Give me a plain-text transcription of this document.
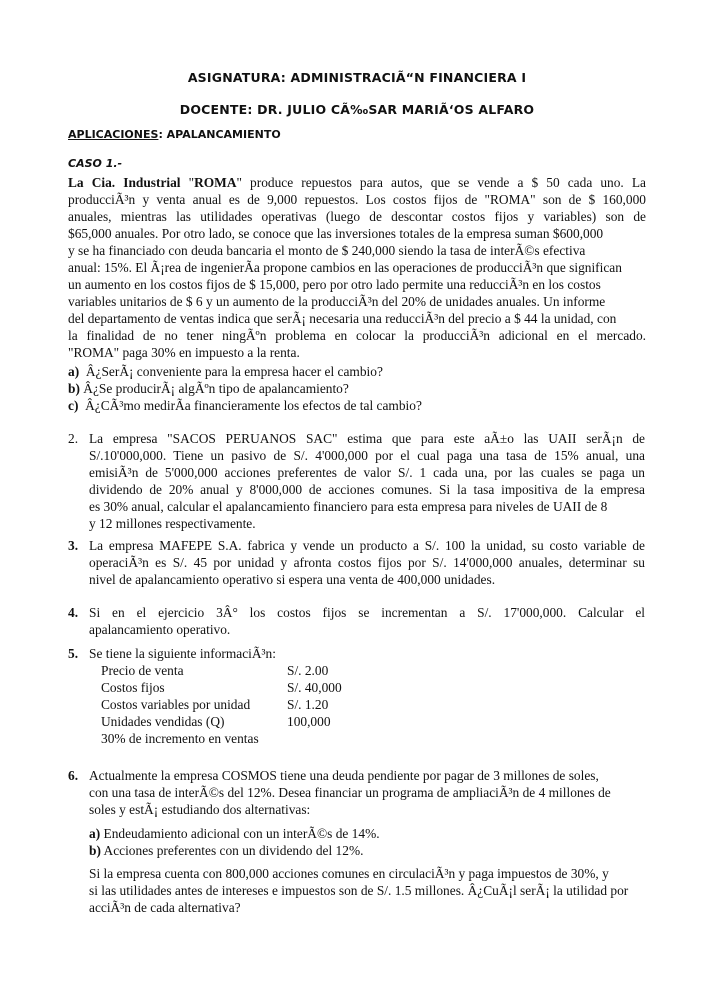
ASIGNATURA: ADMINISTRACIÃ“N FINANCIERA I
DOCENTE: DR. JULIO CÃ‰SAR MARIÃ‘OS ALFARO
APLICACIONES: APALANCAMIENTO
CASO 1.-
La Cia. Industrial "ROMA" produce repuestos para autos, que se vende a $ 50 cada uno. La
producciÃ³n y venta anual es de 9,000 repuestos. Los costos fijos de "ROMA" son de $ 160,000
anuales, mientras las utilidades operativas (luego de descontar costos fijos y variables) son de
$65,000 anuales. Por otro lado, se conoce que las inversiones totales de la empresa suman $600,000
y se ha financiado con deuda bancaria el monto de $ 240,000 siendo la tasa de interÃ©s efectiva
anual: 15%. El Ã¡rea de ingenierÃa propone cambios en las operaciones de producciÃ³n que significan
un aumento en los costos fijos de $ 15,000, pero por otro lado permite una reducciÃ³n en los costos
variables unitarios de $ 6 y un aumento de la producciÃ³n del 20% de unidades anuales. Un informe
del departamento de ventas indica que serÃ¡ necesaria una reducciÃ³n del precio a $ 44 la unidad, con
la finalidad de no tener ningÃºn problema en colocar la producciÃ³n adicional en el mercado.
"ROMA" paga 30% en impuesto a la renta.
a) Â¿SerÃ¡ conveniente para la empresa hacer el cambio?
b) Â¿Se producirÃ¡ algÃºn tipo de apalancamiento?
c) Â¿CÃ³mo medirÃa financieramente los efectos de tal cambio?
2. La empresa "SACOS PERUANOS SAC" estima que para este aÃ±o las UAII serÃ¡n de
S/.10'000,000. Tiene un pasivo de S/. 4'000,000 por el cual paga una tasa de 15% anual, una
emisiÃ³n de 5'000,000 acciones preferentes de valor S/. 1 cada una, por las cuales se paga un
dividendo de 20% anual y 8'000,000 de acciones comunes. Si la tasa impositiva de la empresa
es 30% anual, calcular el apalancamiento financiero para esta empresa para niveles de UAII de 8
y 12 millones respectivamente.
3. La empresa MAFEPE S.A. fabrica y vende un producto a S/. 100 la unidad, su costo variable de
operaciÃ³n es S/. 45 por unidad y afronta costos fijos por S/. 14'000,000 anuales, determinar su
nivel de apalancamiento operativo si espera una venta de 400,000 unidades.
4. Si en el ejercicio 3Â° los costos fijos se incrementan a S/. 17'000,000. Calcular el
apalancamiento operativo.
5. Se tiene la siguiente informaciÃ³n:
Precio de venta	S/. 2.00
Costos fijos	S/. 40,000
Costos variables por unidad	S/. 1.20
Unidades vendidas (Q)	100,000
30% de incremento en ventas
6. Actualmente la empresa COSMOS tiene una deuda pendiente por pagar de 3 millones de soles,
con una tasa de interÃ©s del 12%. Desea financiar un programa de ampliaciÃ³n de 4 millones de
soles y estÃ¡ estudiando dos alternativas:
a) Endeudamiento adicional con un interÃ©s de 14%.
b) Acciones preferentes con un dividendo del 12%.
Si la empresa cuenta con 800,000 acciones comunes en circulaciÃ³n y paga impuestos de 30%, y
si las utilidades antes de intereses e impuestos son de S/. 1.5 millones. Â¿CuÃ¡l serÃ¡ la utilidad por
acciÃ³n de cada alternativa?
